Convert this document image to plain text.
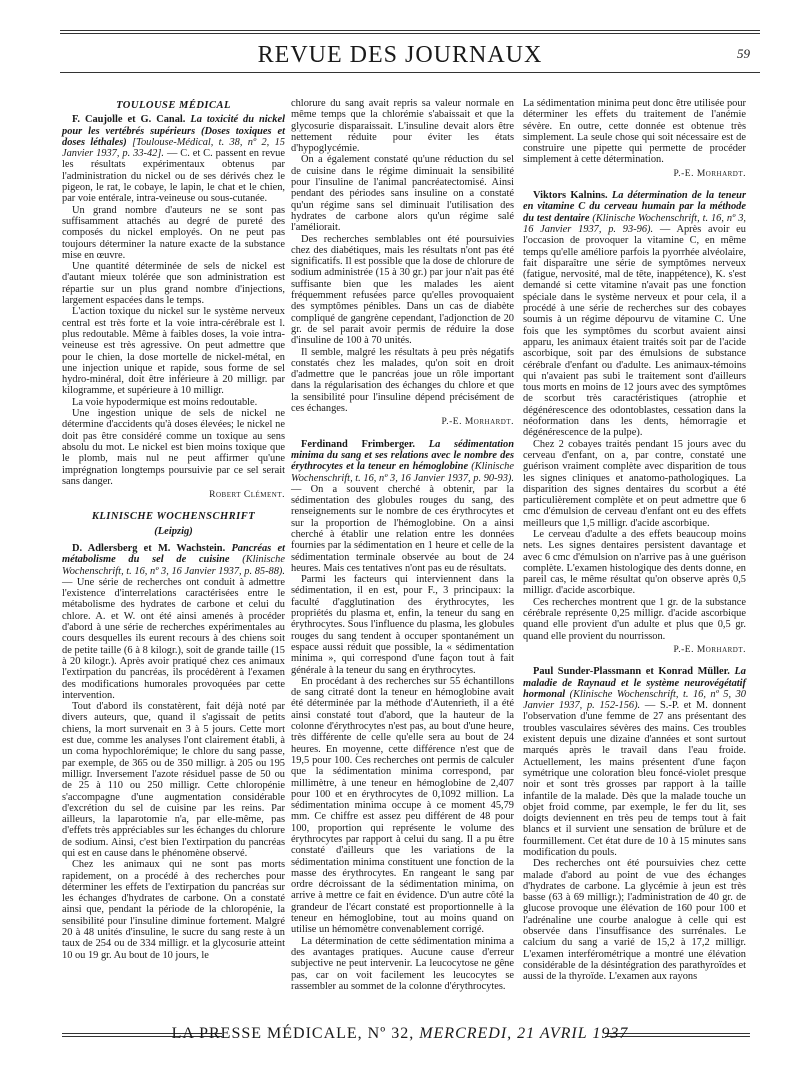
REVUE DES JOURNAUX	59
TOULOUSE MÉDICAL

F. Caujolle et G. Canal. La toxicité du nickel pour les vertébrés supérieurs (Doses toxiques et doses léthales) [Toulouse-Médical, t. 38, nº 2, 15 Janvier 1937, p. 33-42]. — C. et C. passent en revue les résultats expérimentaux obtenus par l'administration du nickel ou de ses dérivés chez le pigeon, le rat, le cobaye, le lapin, le chat et le chien, par voie entérale, intra-veineuse ou sous-cutanée.

Un grand nombre d'auteurs ne se sont pas suffisamment attachés au degré de pureté des composés du nickel employés. On ne peut pas toujours déterminer la nature exacte de la substance mise en œuvre.

Une quantité déterminée de sels de nickel est d'autant mieux tolérée que son administration est répartie sur un plus grand nombre d'injections, largement espacées dans le temps.

L'action toxique du nickel sur le système nerveux central est très forte et la voie intra-cérébrale est l. plus redoutable. Même à faibles doses, la voie intra-veineuse est très agressive. On peut admettre que pour le chien, la dose mortelle de nickel-métal, en une injection unique et rapide, sous forme de sel hydro-minéral, doit être inférieure à 20 milligr. par kilogramme, et supérieure à 10 milligr.

La voie hypodermique est moins redoutable.

Une ingestion unique de sels de nickel ne détermine d'accidents qu'à doses élevées; le nickel ne doit pas être considéré comme un toxique au sens absolu du mot. Le nickel est bien moins toxique que le plomb, mais nul ne peut affirmer qu'une imprégnation longtemps poursuivie par ce sel serait sans danger.

Robert Clément.
KLINISCHE WOCHENSCHRIFT
(Leipzig)

D. Adlersberg et M. Wachstein. Pancréas et métabolisme du sel de cuisine (Klinische Wochenschrift, t. 16, nº 3, 16 Janvier 1937, p. 85-88). — Une série de recherches ont conduit à admettre l'existence d'interrelations caractérisées entre le métabolisme des hydrates de carbone et celui du chlore. A. et W. ont été ainsi amenés à procéder d'abord à une série de recherches expérimentales au cours desquelles ils eurent recours à des chiens soit de petite taille (6 à 8 kilogr.), soit de grande taille (15 à 20 kilogr.). Après avoir pratiqué chez ces animaux l'extirpation du pancréas, ils procédèrent à l'examen des modifications humorales provoquées par cette intervention.

Tout d'abord ils constatèrent, fait déjà noté par divers auteurs, que, quand il s'agissait de petits chiens, la mort survenait en 3 à 5 jours. Cette mort est due, comme les analyses l'ont clairement établi, à un coma hypochlorémique; le chlore du sang passe, par exemple, de 365 ou de 350 milligr. à 205 ou 195 milligr. Inversement l'azote résiduel passe de 50 ou de 25 à 110 ou 250 milligr. Cette chloropénie s'accompagne d'une augmentation considérable d'excrétion du sel de cuisine par les reins. Par ailleurs, la laparotomie n'a, par elle-même, pas d'effets très appréciables sur les échanges du chlorure de sodium. Ainsi, c'est bien l'extirpation du pancréas qui est en cause dans le phénomène observé.

Chez les animaux qui ne sont pas morts rapidement, on a procédé à des recherches pour déterminer les effets de l'extirpation du pancréas sur les échanges d'hydrates de carbone. On a constaté ainsi que, pendant la période de la chloropénie, la sensibilité pour l'insuline diminue fortement. Malgré 20 à 48 unités d'insuline, le sucre du sang reste à un taux de 254 ou de 334 milligr. et la glycosurie atteint 10 ou 19 gr. Au bout de 10 jours, le

chlorure du sang avait repris sa valeur normale en même temps que la chlorémie s'abaissait et que la glycosurie disparaissait. L'insuline devait alors être nettement réduite pour éviter les états d'hypoglycémie.

On a également constaté qu'une réduction du sel de cuisine dans le régime diminuait la sensibilité pour l'insuline de l'animal pancréatectomisé. Ainsi pendant des périodes sans insuline on a constaté qu'un régime sans sel diminuait l'utilisation des hydrates de carbone alors qu'un régime salé l'améliorait.

Des recherches semblables ont été poursuivies chez des diabétiques, mais les résultats n'ont pas été significatifs. Il est possible que la dose de chlorure de sodium administrée (15 à 30 gr.) par jour n'ait pas été suffisante bien que les malades les aient fréquemment refusées parce qu'elles provoquaient des symptômes pénibles. Dans un cas de diabète compliqué de gangrène cependant, l'adjonction de 20 gr. de sel parait avoir permis de réduire la dose d'insuline de 100 à 70 unités.

Il semble, malgré les résultats à peu près négatifs constatés chez les malades, qu'on soit en droit d'admettre que le pancréas joue un rôle important dans la régularisation des échanges du chlore et que la sensibilité pour l'insuline dépend précisément de ces échanges.

P.-E. Morhardt.

Ferdinand Frimberger. La sédimentation minima du sang et ses relations avec le nombre des érythrocytes et la teneur en hémoglobine (Klinische Wochenschrift, t. 16, nº 3, 16 Janvier 1937, p. 90-93). — On a souvent cherché à obtenir, par la sédimentation des globules rouges du sang, des renseignements sur le nombre de ces érythrocytes et sur la proportion de l'hémoglobine. On a ainsi cherché à établir une relation entre les données fournies par la sédimentation en 1 heure et celle de la sédimentation terminale observée au bout de 24 heures. Mais ces tentatives n'ont pas eu de résultats.

Parmi les facteurs qui interviennent dans la sédimentation, il en est, pour F., 3 principaux: la faculté d'agglutination des érythrocytes, les propriétés du plasma et, enfin, la teneur du sang en érythrocytes. Sous l'influence du plasma, les globules rouges du sang tendent à occuper spontanément un espace aussi réduit que possible, la « sédimentation minima », qui correspond d'une façon tout à fait générale à la teneur du sang en érythrocytes.

En procédant à des recherches sur 55 échantillons de sang citraté dont la teneur en hémoglobine avait été déterminée par la méthode d'Autenrieth, il a été ainsi constaté tout d'abord, que la hauteur de la colonne d'érythrocytes n'est pas, au bout d'une heure, très différente de celle qu'elle sera au bout de 24 heures. En moyenne, cette différence n'est que de 19,5 pour 100. Ces recherches ont permis de calculer que la sédimentation minima correspond, par millimètre, à une teneur en hémoglobine de 2,407 pour 100 et en érythrocytes de 0,1092 million. La sédimentation minima occupe à ce moment 45,79 mm. Ce chiffre est assez peu différent de 48 pour 100, proportion qui représente le volume des érythrocytes par rapport à celui du sang. Il a pu être constaté d'ailleurs que les variations de la sédimentation minima constituent une fonction de la masse des érythrocytes. En rangeant le sang par ordre décroissant de la sédimentation minima, on arrive à mettre ce fait en évidence. D'un autre côté la grandeur de l'écart constaté est proportionnelle à la teneur en hémoglobine, tout au moins quand on utilise un hémomètre convenablement corrigé.

La détermination de cette sédimentation minima a des avantages pratiques. Aucune cause d'erreur subjective ne peut intervenir. La leucocytose ne gêne pas, car on voit facilement les leucocytes se rassembler au sommet de la colonne d'érythrocytes.

La sédimentation minima peut donc être utilisée pour déterminer les effets du traitement de l'anémie sévère. En outre, cette donnée est obtenue très simplement. La seule chose qui soit nécessaire est de construire une pipette qui permette de procéder simplement à cette détermination.

P.-E. Morhardt.

Viktors Kalnins. La détermination de la teneur en vitamine C du cerveau humain par la méthode du test dentaire (Klinische Wochenschrift, t. 16, nº 3, 16 Janvier 1937, p. 93-96). — Après avoir eu l'occasion de provoquer la vitamine C, en même temps qu'elle améliore parfois la pyorrhée alvéolaire, fait disparaître une série de symptômes nerveux (fatigue, nervosité, mal de tête, inappétence), K. s'est demandé si cette vitamine n'avait pas une fonction spéciale dans le système nerveux et pour cela, il a procédé à une série de recherches sur des cobayes soumis à un régime dépourvu de vitamine C. Une fois que les symptômes du scorbut avaient ainsi apparu, les animaux étaient traités soit par de l'acide ascorbique, soit par des émulsions de substance cérébrale d'enfant ou d'adulte. Les animaux-témoins qui n'avaient pas subi le traitement sont d'ailleurs tous morts en moins de 12 jours avec des symptômes de scorbut très caractéristiques (atrophie et dégénérescence des odontoblastes, cessation dans la néoformation dans les dents, hémorragie et dégénérescence de la pulpe).

Chez 2 cobayes traités pendant 15 jours avec du cerveau d'enfant, on a, par contre, constaté une guérison vraiment complète avec disparition de tous les signes cliniques et anatomo-pathologiques. La disparition des signes dentaires du scorbut a été particulièrement complète et on peut admettre que 6 cmc d'émulsion de cerveau d'enfant ont eu des effets meilleurs que 1,5 milligr. d'acide ascorbique.

Le cerveau d'adulte a des effets beaucoup moins nets. Les signes dentaires persistent davantage et avec 6 cmc d'émulsion on n'arrive pas à une guérison complète. L'examen histologique des dents donne, en pareil cas, le même résultat qu'on observe après 0,5 milligr. d'acide ascorbique.

Ces recherches montrent que 1 gr. de la substance cérébrale représente 0,25 milligr. d'acide ascorbique quand elle provient d'un adulte et plus que 0,5 gr. quand elle provient du nourrisson.

P.-E. Morhardt.

Paul Sunder-Plassmann et Konrad Müller. La maladie de Raynaud et le système neurovégétatif hormonal (Klinische Wochenschrift, t. 16, nº 5, 30 Janvier 1937, p. 152-156). — S.-P. et M. donnent l'observation d'une femme de 27 ans présentant des troubles vasculaires sévères des mains. Ces troubles existent depuis une dizaine d'années et sont surtout marqués après le travail dans l'eau froide. Actuellement, les mains présentent d'une façon symétrique une coloration bleu foncé-violet presque noir et sont très grosses par rapport à la taille infantile de la malade. Dès que la malade touche un objet froid comme, par exemple, le fer du lit, ses doigts deviennent en très peu de temps tout à fait blancs et il survient une sensation de brûlure et de fourmillement. Cet état dure de 10 à 15 minutes sans modification du pouls.

Des recherches ont été poursuivies chez cette malade d'abord au point de vue des échanges d'hydrates de carbone. La glycémie à jeun est très basse (63 à 69 milligr.); l'administration de 40 gr. de glucose provoque une élévation de 160 pour 100 et l'adrénaline une courbe analogue à celle qui est observée dans l'insuffisance des surrénales. Le calcium du sang a varié de 15,2 à 17,2 milligr. L'examen interférométrique a montré une élévation considérable de la désintégration des parathyroïdes et aussi de la thyroïde. L'examen aux rayons

LA PRESSE MÉDICALE, Nº 32, MERCREDI, 21 AVRIL 1937
